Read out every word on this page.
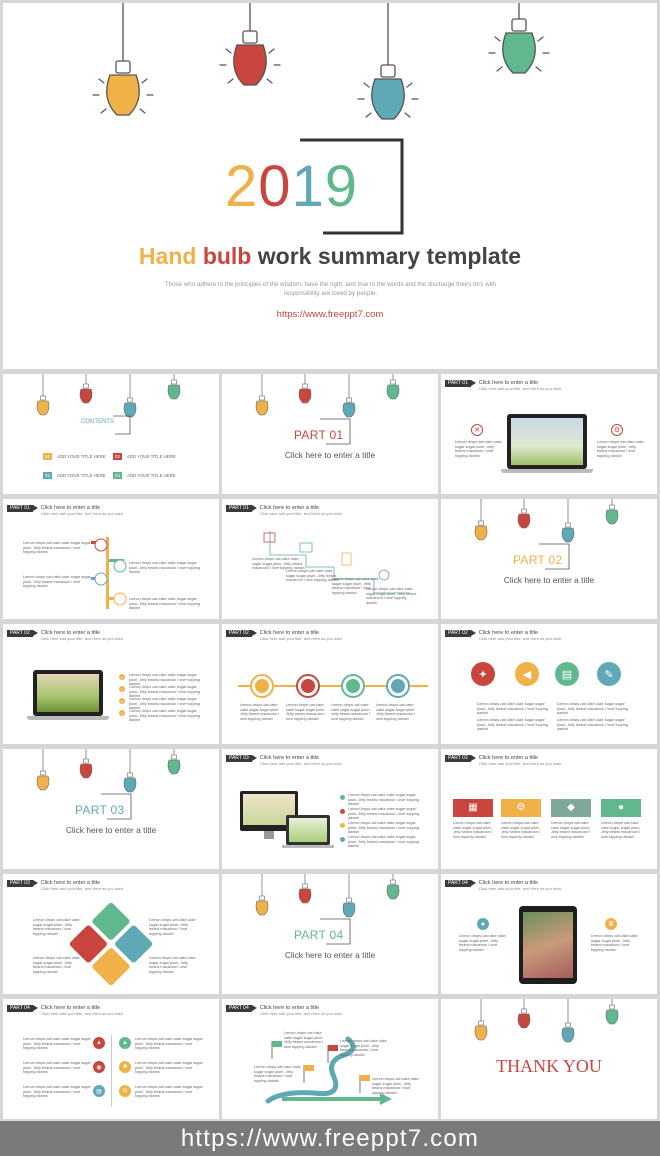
2019
Hand bulb work summary template
Those who adhere to the principles of the wisdom, have the right, and true to the words and the discharge theirs tors with responsibility are loved by people.
https://www.freeppt7.com
CONTENTS
01	ADD YOUR TITLE HERE	02	ADD YOUR TITLE HERE
03	ADD YOUR TITLE HERE	04	ADD YOUR TITLE HERE
PART 01
Click here to enter a title
PART 01	Click here to enter a title
Click here add your title, text Here as you wish
✕	⚙
Lemon drops oat cake cake sugar sugar plum. Jelly beans macaroon I love topping danish
Lemon drops oat cake cake sugar sugar plum. Jelly beans macaroon I love topping danish
PART 01	Click here to enter a title
Click here add your title, text Here as you wish
Lemon drops oat cake cake sugar sugar plum. Jelly beans macaroon I love topping danish
Lemon drops oat cake cake sugar sugar plum. Jelly beans macaroon I love topping danish
Lemon drops oat cake cake sugar sugar plum. Jelly beans macaroon I love topping danish
Lemon drops oat cake cake sugar sugar plum. Jelly beans macaroon I love topping danish
PART 01	Click here to enter a title
Click here add your title, text Here as you wish
Lemon drops oat cake cake sugar sugar plum. Jelly beans macaroon I love topping danish
Lemon drops oat cake cake sugar sugar plum. Jelly beans macaroon I love topping danish
Lemon drops oat cake cake sugar sugar plum. Jelly beans macaroon I love topping danish
Lemon drops oat cake cake sugar sugar plum. Jelly beans macaroon I love topping danish
PART 02
Click here to enter a title
PART 02	Click here to enter a title
Click here add your title, text Here as you wish
✓
✓
✓
✓
Lemon drops oat cake cake sugar sugar plum. Jelly beans macaroon I love topping danish
Lemon drops oat cake cake sugar sugar plum. Jelly beans macaroon I love topping danish
Lemon drops oat cake cake sugar sugar plum. Jelly beans macaroon I love topping danish
Lemon drops oat cake cake sugar sugar plum. Jelly beans macaroon I love topping danish
PART 02	Click here to enter a title
Click here add your title, text Here as you wish
Lemon drops oat cake cake sugar sugar plum. Jelly beans macaroon I love topping danish
Lemon drops oat cake cake sugar sugar plum. Jelly beans macaroon I love topping danish
Lemon drops oat cake cake sugar sugar plum. Jelly beans macaroon I love topping danish
Lemon drops oat cake cake sugar sugar plum. Jelly beans macaroon I love topping danish
PART 02	Click here to enter a title
Click here add your title, text Here as you wish
✦	◀	▤	✎
Lemon drops oat cake cake sugar sugar plum. Jelly beans macaroon I love topping danish
Lemon drops oat cake cake sugar sugar plum. Jelly beans macaroon I love topping danish
Lemon drops oat cake cake sugar sugar plum. Jelly beans macaroon I love topping danish
Lemon drops oat cake cake sugar sugar plum. Jelly beans macaroon I love topping danish
PART 03
Click here to enter a title
PART 03	Click here to enter a title
Click here add your title, text Here as you wish
Lemon drops oat cake cake sugar sugar plum. Jelly beans macaroon I love topping danish
Lemon drops oat cake cake sugar sugar plum. Jelly beans macaroon I love topping danish
Lemon drops oat cake cake sugar sugar plum. Jelly beans macaroon I love topping danish
Lemon drops oat cake cake sugar sugar plum. Jelly beans macaroon I love topping danish
PART 03	Click here to enter a title
Click here add your title, text Here as you wish
▦	⚙	◆	●
Lemon drops oat cake cake sugar sugar plum. Jelly beans macaroon I love topping danish
Lemon drops oat cake cake sugar sugar plum. Jelly beans macaroon I love topping danish
Lemon drops oat cake cake sugar sugar plum. Jelly beans macaroon I love topping danish
Lemon drops oat cake cake sugar sugar plum. Jelly beans macaroon I love topping danish
PART 03	Click here to enter a title
Click here add your title, text Here as you wish
Lemon drops oat cake cake sugar sugar plum. Jelly beans macaroon I love topping danish
Lemon drops oat cake cake sugar sugar plum. Jelly beans macaroon I love topping danish
Lemon drops oat cake cake sugar sugar plum. Jelly beans macaroon I love topping danish
Lemon drops oat cake cake sugar sugar plum. Jelly beans macaroon I love topping danish
PART 04
Click here to enter a title
PART 04	Click here to enter a title
Click here add your title, text Here as you wish
●	♛
Lemon drops oat cake cake sugar sugar plum. Jelly beans macaroon I love topping danish
Lemon drops oat cake cake sugar sugar plum. Jelly beans macaroon I love topping danish
PART 04	Click here to enter a title
Click here add your title, text Here as you wish
▲	▲
◉	■
▤	◘
Lemon drops oat cake cake sugar sugar plum. Jelly beans macaroon I love topping danish
Lemon drops oat cake cake sugar sugar plum. Jelly beans macaroon I love topping danish
Lemon drops oat cake cake sugar sugar plum. Jelly beans macaroon I love topping danish
Lemon drops oat cake cake sugar sugar plum. Jelly beans macaroon I love topping danish
Lemon drops oat cake cake sugar sugar plum. Jelly beans macaroon I love topping danish
Lemon drops oat cake cake sugar sugar plum. Jelly beans macaroon I love topping danish
PART 04	Click here to enter a title
Click here add your title, text Here as you wish
Lemon drops oat cake cake sugar sugar plum. Jelly beans macaroon I love topping danish
Lemon drops oat cake cake sugar sugar plum. Jelly beans macaroon I love topping danish
Lemon drops oat cake cake sugar sugar plum. Jelly beans macaroon I love topping danish	Lemon drops oat cake cake sugar sugar plum. Jelly beans macaroon I love topping danish
THANK YOU
https://www.freeppt7.com
